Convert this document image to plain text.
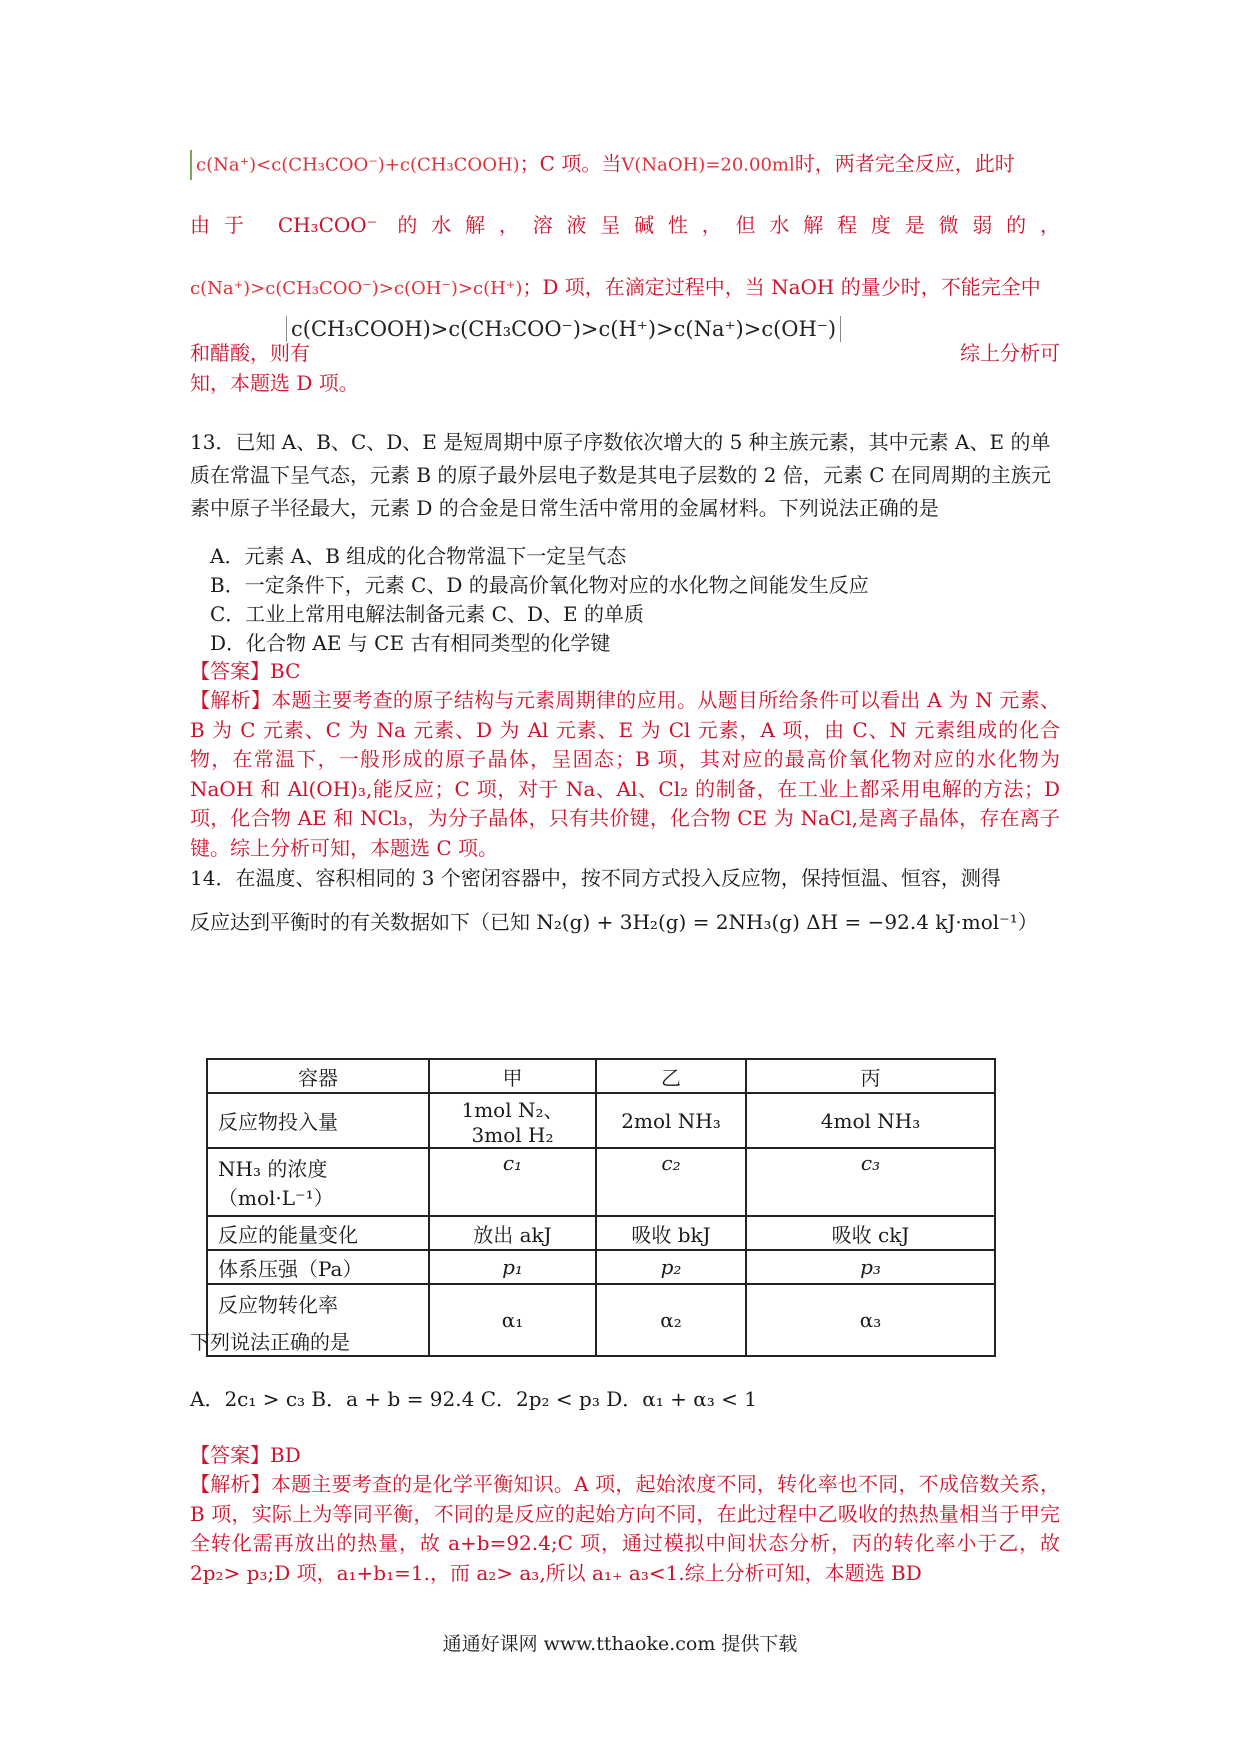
c(Na⁺)<c(CH₃COO⁻)+c(CH₃COOH)；C 项。当V(NaOH)=20.00ml时，两者完全反应，此时
由于 CH₃COO⁻ 的水解，溶液呈碱性，但水解程度是微弱的，
c(Na⁺)>c(CH₃COO⁻)>c(OH⁻)>c(H⁺)；D 项，在滴定过程中，当 NaOH 的量少时，不能完全中
c(CH₃COOH)>c(CH₃COO⁻)>c(H⁺)>c(Na⁺)>c(OH⁻)
和醋酸，则有	综上分析可
知，本题选 D 项。
13．已知 A、B、C、D、E 是短周期中原子序数依次增大的 5 种主族元素，其中元素 A、E 的单质在常温下呈气态，元素 B 的原子最外层电子数是其电子层数的 2 倍，元素 C 在同周期的主族元素中原子半径最大，元素 D 的合金是日常生活中常用的金属材料。下列说法正确的是
A．元素 A、B 组成的化合物常温下一定呈气态
B．一定条件下，元素 C、D 的最高价氧化物对应的水化物之间能发生反应
C．工业上常用电解法制备元素 C、D、E 的单质
D．化合物 AE 与 CE 古有相同类型的化学键
【答案】BC
【解析】本题主要考查的原子结构与元素周期律的应用。从题目所给条件可以看出 A 为 N 元素、B 为 C 元素、C 为 Na 元素、D 为 Al 元素、E 为 Cl 元素，A 项，由 C、N 元素组成的化合物，在常温下，一般形成的原子晶体，呈固态；B 项，其对应的最高价氧化物对应的水化物为 NaOH 和 Al(OH)₃,能反应；C 项，对于 Na、Al、Cl₂ 的制备，在工业上都采用电解的方法；D 项，化合物 AE 和 NCl₃，为分子晶体，只有共价键，化合物 CE 为 NaCl,是离子晶体，存在离子键。综上分析可知，本题选 C 项。
14．在温度、容积相同的 3 个密闭容器中，按不同方式投入反应物，保持恒温、恒容，测得
反应达到平衡时的有关数据如下（已知 N₂(g) + 3H₂(g) = 2NH₃(g) ΔH = −92.4 kJ·mol⁻¹）
容器	甲	乙	丙
反应物投入量	1mol N₂、3mol H₂	2mol NH₃	4mol NH₃
NH₃ 的浓度（mol·L⁻¹）	c₁	c₂	c₃
反应的能量变化	放出 akJ	吸收 bkJ	吸收 ckJ
体系压强（Pa）	p₁	p₂	p₃
反应物转化率	α₁	α₂	α₃
下列说法正确的是
A．2c₁ > c₃ B．a + b = 92.4 C．2p₂ < p₃ D．α₁ + α₃ < 1
【答案】BD
【解析】本题主要考查的是化学平衡知识。A 项，起始浓度不同，转化率也不同，不成倍数关系，B 项，实际上为等同平衡，不同的是反应的起始方向不同，在此过程中乙吸收的热热量相当于甲完全转化需再放出的热量，故 a+b=92.4;C 项，通过模拟中间状态分析，丙的转化率小于乙，故 2p₂> p₃;D 项，a₁+b₁=1.，而 a₂> a₃,所以 a₁₊ a₃<1.综上分析可知，本题选 BD
通通好课网 www.tthaoke.com 提供下载
